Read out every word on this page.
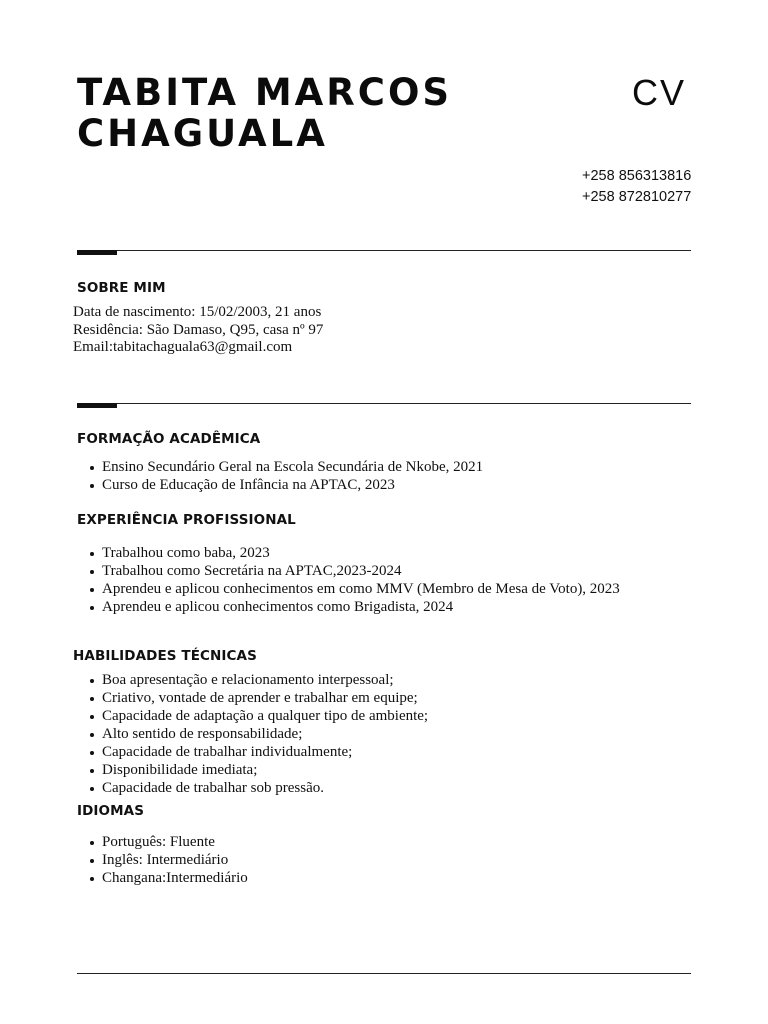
TABITA MARCOS
CHAGUALA
CV
+258 856313816
+258 872810277
SOBRE MIM
Data de nascimento: 15/02/2003, 21 anos
Residência: São Damaso, Q95, casa nº 97
Email:tabitachaguala63@gmail.com
FORMAÇÃO ACADÊMICA
Ensino Secundário Geral na Escola Secundária de Nkobe, 2021
Curso de Educação de Infância na APTAC, 2023
EXPERIÊNCIA PROFISSIONAL
Trabalhou como baba, 2023
Trabalhou como Secretária na APTAC,2023-2024
Aprendeu e aplicou conhecimentos em como MMV (Membro de Mesa de Voto), 2023
Aprendeu e aplicou conhecimentos como Brigadista, 2024
HABILIDADES TÉCNICAS
Boa apresentação e relacionamento interpessoal;
Criativo, vontade de aprender e trabalhar em equipe;
Capacidade de adaptação a qualquer tipo de ambiente;
Alto sentido de responsabilidade;
Capacidade de trabalhar individualmente;
Disponibilidade imediata;
Capacidade de trabalhar sob pressão.
IDIOMAS
Português: Fluente
Inglês: Intermediário
Changana:Intermediário
